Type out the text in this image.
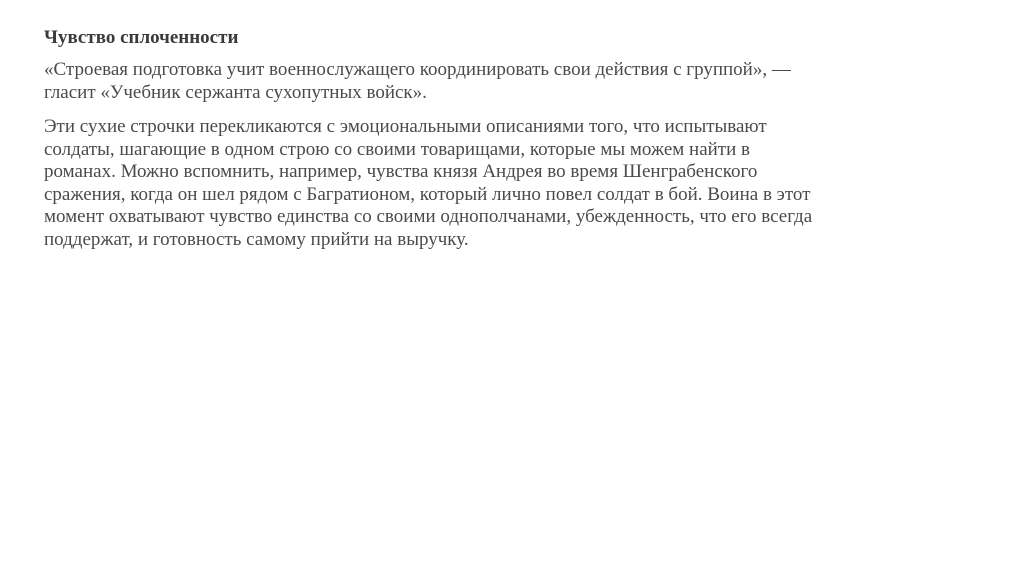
Чувство сплоченности
«Строевая подготовка учит военнослужащего координировать свои действия с группой», —
гласит «Учебник сержанта сухопутных войск».
Эти сухие строчки перекликаются с эмоциональными описаниями того, что испытывают
солдаты, шагающие в одном строю со своими товарищами, которые мы можем найти в
романах. Можно вспомнить, например, чувства князя Андрея во время Шенграбенского
сражения, когда он шел рядом с Багратионом, который лично повел солдат в бой. Воина в этот
момент охватывают чувство единства со своими однополчанами, убежденность, что его всегда
поддержат, и готовность самому прийти на выручку.
